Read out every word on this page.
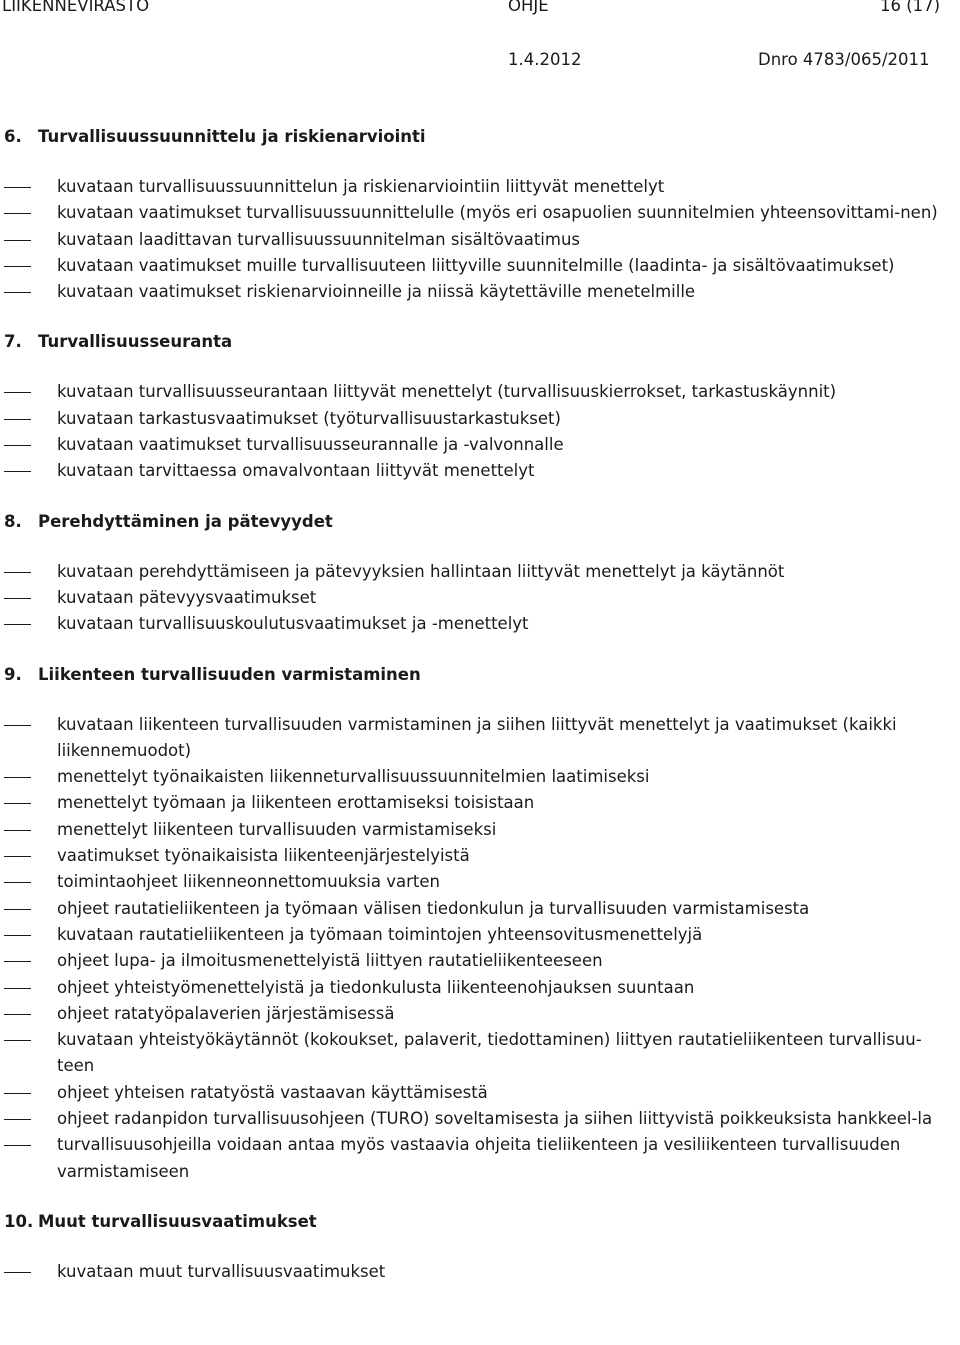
LIIKENNEVIRASTO	OHJE	16 (17)
1.4.2012	Dnro 4783/065/2011
6. Turvallisuussuunnittelu ja riskienarviointi
kuvataan turvallisuussuunnittelun ja riskienarviointiin liittyvät menettelyt
kuvataan vaatimukset turvallisuussuunnittelulle (myös eri osapuolien suunnitelmien yhteensovittami-nen)
kuvataan laadittavan turvallisuussuunnitelman sisältövaatimus
kuvataan vaatimukset muille turvallisuuteen liittyville suunnitelmille (laadinta- ja sisältövaatimukset)
kuvataan vaatimukset riskienarvioinneille ja niissä käytettäville menetelmille
7. Turvallisuusseuranta
kuvataan turvallisuusseurantaan liittyvät menettelyt (turvallisuuskierrokset, tarkastuskäynnit)
kuvataan tarkastusvaatimukset (työturvallisuustarkastukset)
kuvataan vaatimukset turvallisuusseurannalle ja -valvonnalle
kuvataan tarvittaessa omavalvontaan liittyvät menettelyt
8. Perehdyttäminen ja pätevyydet
kuvataan perehdyttämiseen ja pätevyyksien hallintaan liittyvät menettelyt ja käytännöt
kuvataan pätevyysvaatimukset
kuvataan turvallisuuskoulutusvaatimukset ja -menettelyt
9. Liikenteen turvallisuuden varmistaminen
kuvataan liikenteen turvallisuuden varmistaminen ja siihen liittyvät menettelyt ja vaatimukset (kaikki liikennemuodot)
menettelyt työnaikaisten liikenneturvallisuussuunnitelmien laatimiseksi
menettelyt työmaan ja liikenteen erottamiseksi toisistaan
menettelyt liikenteen turvallisuuden varmistamiseksi
vaatimukset työnaikaisista liikenteenjärjestelyistä
toimintaohjeet liikenneonnettomuuksia varten
ohjeet rautatieliikenteen ja työmaan välisen tiedonkulun ja turvallisuuden varmistamisesta
kuvataan rautatieliikenteen ja työmaan toimintojen yhteensovitusmenettelyjä
ohjeet lupa- ja ilmoitusmenettelyistä liittyen rautatieliikenteeseen
ohjeet yhteistyömenettelyistä ja tiedonkulusta liikenteenohjauksen suuntaan
ohjeet ratatyöpalaverien järjestämisessä
kuvataan yhteistyökäytännöt (kokoukset, palaverit, tiedottaminen) liittyen rautatieliikenteen turvallisuu-teen
ohjeet yhteisen ratatyöstä vastaavan käyttämisestä
ohjeet radanpidon turvallisuusohjeen (TURO) soveltamisesta ja siihen liittyvistä poikkeuksista hankkeel-la
turvallisuusohjeilla voidaan antaa myös vastaavia ohjeita tieliikenteen ja vesiliikenteen turvallisuuden varmistamiseen
10. Muut turvallisuusvaatimukset
kuvataan muut turvallisuusvaatimukset
